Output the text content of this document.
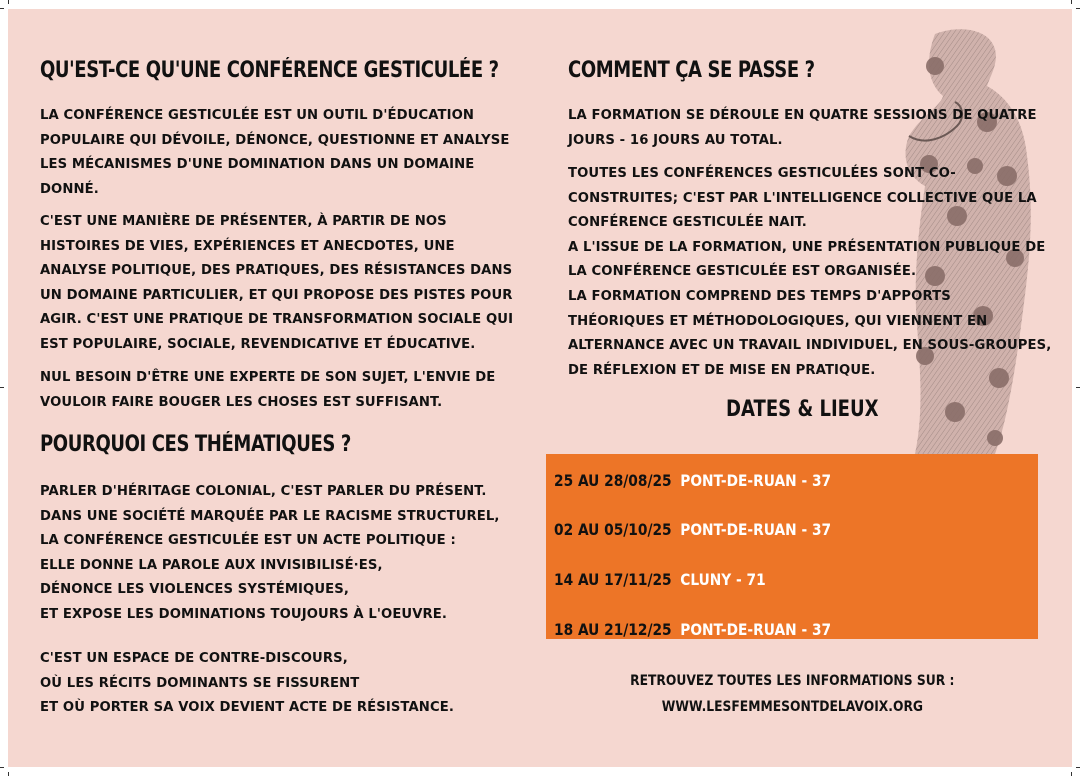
QU'EST-CE QU'UNE CONFÉRENCE GESTICULÉE ?

LA CONFÉRENCE GESTICULÉE EST UN OUTIL D'ÉDUCATION
POPULAIRE QUI DÉVOILE, DÉNONCE, QUESTIONNE ET ANALYSE
LES MÉCANISMES D'UNE DOMINATION DANS UN DOMAINE
DONNÉ.

C'EST UNE MANIÈRE DE PRÉSENTER, À PARTIR DE NOS
HISTOIRES DE VIES, EXPÉRIENCES ET ANECDOTES, UNE
ANALYSE POLITIQUE, DES PRATIQUES, DES RÉSISTANCES DANS
UN DOMAINE PARTICULIER, ET QUI PROPOSE DES PISTES POUR
AGIR. C'EST UNE PRATIQUE DE TRANSFORMATION SOCIALE QUI
EST POPULAIRE, SOCIALE, REVENDICATIVE ET ÉDUCATIVE.

NUL BESOIN D'ÊTRE UNE EXPERTE DE SON SUJET, L'ENVIE DE
VOULOIR FAIRE BOUGER LES CHOSES EST SUFFISANT.

POURQUOI CES THÉMATIQUES ?

PARLER D'HÉRITAGE COLONIAL, C'EST PARLER DU PRÉSENT.
DANS UNE SOCIÉTÉ MARQUÉE PAR LE RACISME STRUCTUREL,
LA CONFÉRENCE GESTICULÉE EST UN ACTE POLITIQUE :
ELLE DONNE LA PAROLE AUX INVISIBILISÉ·ES,
DÉNONCE LES VIOLENCES SYSTÉMIQUES,
ET EXPOSE LES DOMINATIONS TOUJOURS À L'OEUVRE.

C'EST UN ESPACE DE CONTRE-DISCOURS,
OÙ LES RÉCITS DOMINANTS SE FISSURENT
ET OÙ PORTER SA VOIX DEVIENT ACTE DE RÉSISTANCE.

COMMENT ÇA SE PASSE ?

LA FORMATION SE DÉROULE EN QUATRE SESSIONS DE QUATRE
JOURS - 16 JOURS AU TOTAL.

TOUTES LES CONFÉRENCES GESTICULÉES SONT CO-
CONSTRUITES; C'EST PAR L'INTELLIGENCE COLLECTIVE QUE LA
CONFÉRENCE GESTICULÉE NAIT.
A L'ISSUE DE LA FORMATION, UNE PRÉSENTATION PUBLIQUE DE
LA CONFÉRENCE GESTICULÉE EST ORGANISÉE.
LA FORMATION COMPREND DES TEMPS D'APPORTS
THÉORIQUES ET MÉTHODOLOGIQUES, QUI VIENNENT EN
ALTERNANCE AVEC UN TRAVAIL INDIVIDUEL, EN SOUS-GROUPES,
DE RÉFLEXION ET DE MISE EN PRATIQUE.

DATES & LIEUX
25 AU 28/08/25 PONT-DE-RUAN - 37
02 AU 05/10/25 PONT-DE-RUAN - 37
14 AU 17/11/25 CLUNY - 71
18 AU 21/12/25 PONT-DE-RUAN - 37
RETROUVEZ TOUTES LES INFORMATIONS SUR :
WWW.LESFEMMESONTDELAVOIX.ORG
